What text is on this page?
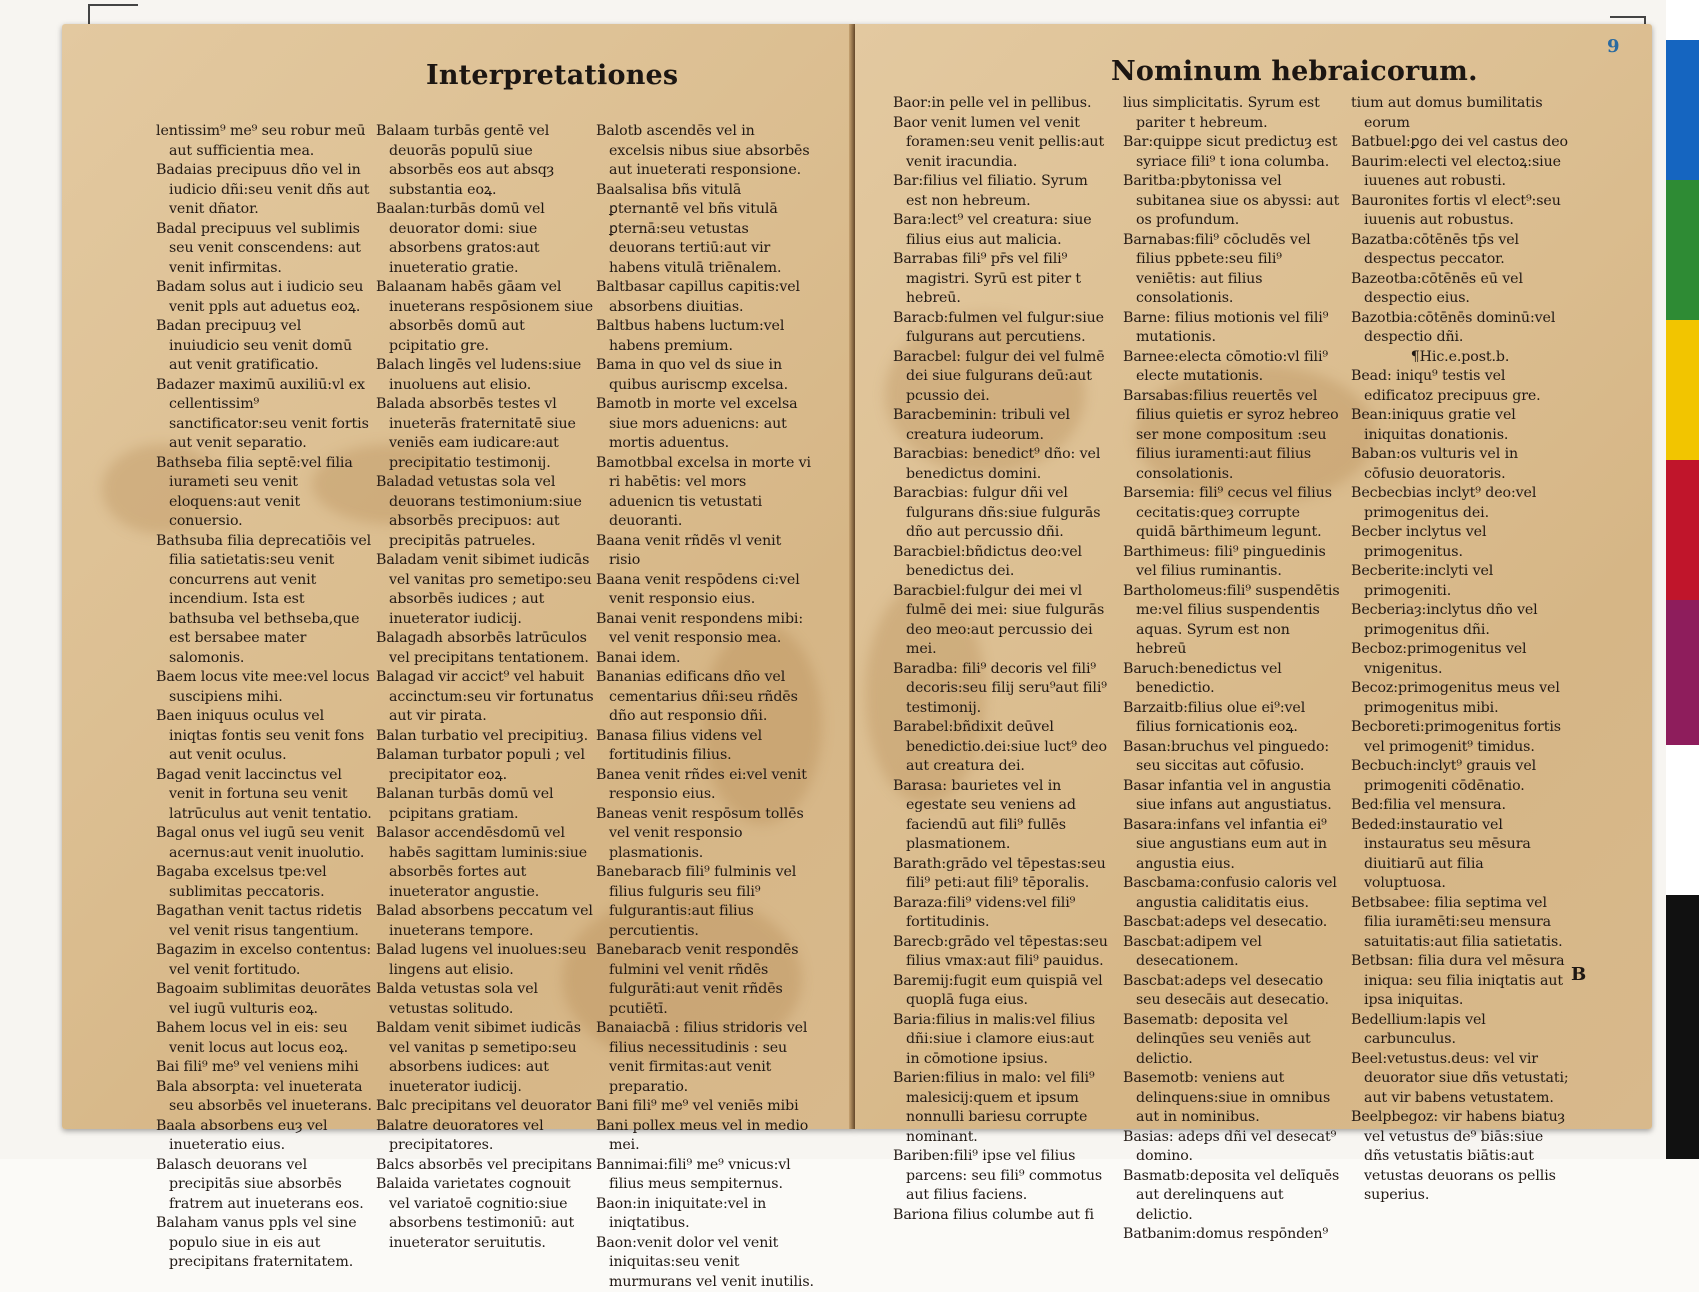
Interpretationes

lentissim⁹ me⁹ seu robur meū aut sufficientia mea.

Badaias precipuus dño vel in iudicio dñi:seu venit dñs aut venit dñator.

Badal precipuus vel sublimis seu venit conscendens: aut venit infirmitas.

Badam solus aut i iudicio seu venit ppls aut aduetus eoꝝ.

Badan precipuuȝ vel inuiudicio seu venit domū aut venit gratificatio.

Badazer maximū auxiliū:vl ex cellentissim⁹ sanctificator:seu venit fortis aut venit separatio.

Bathseba filia septē:vel filia iurameti seu venit eloquens:aut venit conuersio.

Bathsuba filia deprecatiōis vel filia satietatis:seu venit concurrens aut venit incendium. Ista est bathsuba vel bethseba,que est bersabee mater salomonis.

Baem locus vite mee:vel locus suscipiens mihi.

Baen iniquus oculus vel iniqtas fontis seu venit fons aut venit oculus.

Bagad venit laccinctus vel venit in fortuna seu venit latrūculus aut venit tentatio.

Bagal onus vel iugū seu venit acernus:aut venit inuolutio.

Bagaba excelsus tpe:vel sublimitas peccatoris.

Bagathan venit tactus ridetis vel venit risus tangentium.

Bagazim in excelso contentus: vel venit fortitudo.

Bagoaim sublimitas deuorātes vel iugū vulturis eoꝝ.

Bahem locus vel in eis: seu venit locus aut locus eoꝝ.

Bai fili⁹ me⁹ vel veniens mihi

Bala absorpta: vel inueterata seu absorbēs vel inueterans.

Baala absorbens euȝ vel inueteratio eius.

Balasch deuorans vel precipitās siue absorbēs fratrem aut inueterans eos.

Balaham vanus ppls vel sine populo siue in eis aut precipitans fraternitatem.

Balaam turbās gentē vel deuorās populū siue absorbēs eos aut absqȝ substantia eoꝝ.

Baalan:turbās domū vel deuorator domi: siue absorbens gratos:aut inueteratio gratie.

Balaanam habēs gāam vel inueterans respōsionem siue absorbēs domū aut pcipitatio gre.

Balach lingēs vel ludens:siue inuoluens aut elisio.

Balada absorbēs testes vl inueterās fraternitatē siue veniēs eam iudicare:aut precipitatio testimonij.

Baladad vetustas sola vel deuorans testimonium:siue absorbēs precipuos: aut precipitās patrueles.

Baladam venit sibimet iudicās vel vanitas pro semetipo:seu absorbēs iudices ; aut inueterator iudicij.

Balagadh absorbēs latrūculos vel precipitans tentationem.

Balagad vir accict⁹ vel habuit accinctum:seu vir fortunatus aut vir pirata.

Balan turbatio vel precipitiuȝ.

Balaman turbator populi ; vel precipitator eoꝝ.

Balanan turbās domū vel pcipitans gratiam.

Balasor accendēsdomū vel habēs sagittam luminis:siue absorbēs fortes aut inueterator angustie.

Balad absorbens peccatum vel inueterans tempore.

Balad lugens vel inuolues:seu lingens aut elisio.

Balda vetustas sola vel vetustas solitudo.

Baldam venit sibimet iudicās vel vanitas p semetipo:seu absorbens iudices: aut inueterator iudicij.

Balc precipitans vel deuorator

Balatre deuoratores vel precipitatores.

Balcs absorbēs vel precipitans

Balaida varietates cognouit vel variatoē cognitio:siue absorbens testimoniū: aut inueterator seruitutis.

Balotb ascendēs vel in excelsis nibus siue absorbēs aut inueterati responsione.

Baalsalisa bñs vitulā ꝑternantē vel bñs vitulā ꝑternā:seu vetustas deuorans tertiū:aut vir habens vitulā triēnalem.

Baltbasar capillus capitis:vel absorbens diuitias.

Baltbus habens luctum:vel habens premium.

Bama in quo vel ds siue in quibus auriscmp excelsa.

Bamotb in morte vel excelsa siue mors aduenicns: aut mortis aduentus.

Bamotbbal excelsa in morte vi ri habētis: vel mors aduenicn tis vetustati deuoranti.

Baana venit rñdēs vl venit risio

Baana venit respōdens ci:vel venit responsio eius.

Banai venit respondens mibi: vel venit responsio mea.

Banai idem.

Bananias edificans dño vel cementarius dñi:seu rñdēs dño aut responsio dñi.

Banasa filius videns vel fortitudinis filius.

Banea venit rñdes ei:vel venit responsio eius.

Baneas venit respōsum tollēs vel venit responsio plasmationis.

Banebaracb fili⁹ fulminis vel filius fulguris seu fili⁹ fulgurantis:aut filius percutientis.

Banebaracb venit respondēs fulmini vel venit rñdēs fulgurāti:aut venit rñdēs pcutiētī.

Banaiacbā : filius stridoris vel filius necessitudinis : seu venit firmitas:aut venit preparatio.

Bani fili⁹ me⁹ vel veniēs mibi

Bani pollex meus vel in medio mei.

Bannimai:fili⁹ me⁹ vnicus:vl filius meus sempiternus.

Baon:in iniquitate:vel in iniqtatibus.

Baon:venit dolor vel venit iniquitas:seu venit murmurans vel venit inutilis.

Nominum hebraicorum.
9

Baor:in pelle vel in pellibus.

Baor venit lumen vel venit foramen:seu venit pellis:aut venit iracundia.

Bar:filius vel filiatio. Syrum est non hebreum.

Bara:lect⁹ vel creatura: siue filius eius aut malicia.

Barrabas fili⁹ pr̄s vel fili⁹ magistri. Syrū est piter t hebreū.

Baracb:fulmen vel fulgur:siue fulgurans aut percutiens.

Baracbel: fulgur dei vel fulmē dei siue fulgurans deū:aut pcussio dei.

Baracbeminin: tribuli vel creatura iudeorum.

Baracbias: benedict⁹ dño: vel benedictus domini.

Baracbias: fulgur dñi vel fulgurans dñs:siue fulgurās dño aut percussio dñi.

Baracbiel:bñdictus deo:vel benedictus dei.

Baracbiel:fulgur dei mei vl fulmē dei mei: siue fulgurās deo meo:aut percussio dei mei.

Baradba: fili⁹ decoris vel fili⁹ decoris:seu filij seru⁹aut fili⁹ testimonij.

Barabel:bñdixit deūvel benedictio.dei:siue luct⁹ deo aut creatura dei.

Barasa: baurietes vel in egestate seu veniens ad faciendū aut fili⁹ fullēs plasmationem.

Barath:grādo vel tēpestas:seu fili⁹ peti:aut fili⁹ tēporalis.

Baraza:fili⁹ videns:vel fili⁹ fortitudinis.

Barecb:grādo vel tēpestas:seu filius vmax:aut fili⁹ pauidus.

Baremij:fugit eum quispiā vel quoplā fuga eius.

Baria:filius in malis:vel filius dñi:siue i clamore eius:aut in cōmotione ipsius.

Barien:filius in malo: vel fili⁹ malesicij:quem et ipsum nonnulli bariesu corrupte nominant.

Bariben:fili⁹ ipse vel filius parcens: seu fili⁹ commotus aut filius faciens.

Bariona filius columbe aut fi

lius simplicitatis. Syrum est pariter t hebreum.

Bar:quippe sicut predictuȝ est syriace fili⁹ t iona columba.

Baritba:pbytonissa vel subitanea siue os abyssi: aut os profundum.

Barnabas:fili⁹ cōcludēs vel filius ppbete:seu fili⁹ veniētis: aut filius consolationis.

Barne: filius motionis vel fili⁹ mutationis.

Barnee:electa cōmotio:vl fili⁹ electe mutationis.

Barsabas:filius reuertēs vel filius quietis er syroz hebreo ser mone compositum :seu filius iuramenti:aut filius consolationis.

Barsemia: fili⁹ cecus vel filius cecitatis:queȝ corrupte quidā bārthimeum legunt.

Barthimeus: fili⁹ pinguedinis vel filius ruminantis.

Bartholomeus:fili⁹ suspendētis me:vel filius suspendentis aquas. Syrum est non hebreū

Baruch:benedictus vel benedictio.

Barzaitb:filius olue ei⁹:vel filius fornicationis eoꝝ.

Basan:bruchus vel pinguedo: seu siccitas aut cōfusio.

Basar infantia vel in angustia siue infans aut angustiatus.

Basara:infans vel infantia ei⁹ siue angustians eum aut in angustia eius.

Bascbama:confusio caloris vel angustia caliditatis eius.

Bascbat:adeps vel desecatio.

Bascbat:adipem vel desecationem.

Bascbat:adeps vel desecatio seu desecāis aut desecatio.

Basematb: deposita vel delinqūes seu veniēs aut delictio.

Basemotb: veniens aut delinquens:siue in omnibus aut in nominibus.

Basias: adeps dñi vel desecat⁹ domino.

Basmatb:deposita vel delīquēs aut derelinquens aut delictio.

Batbanim:domus respōnden⁹

tium aut domus bumilitatis eorum

Batbuel:ꝑgo dei vel castus deo

Baurim:electi vel electoꝝ:siue iuuenes aut robusti.

Bauronites fortis vl elect⁹:seu iuuenis aut robustus.

Bazatba:cōtēnēs tp̄s vel despectus peccator.

Bazeotba:cōtēnēs eū vel despectio eius.

Bazotbia:cōtēnēs dominū:vel despectio dñi.

¶Hic.e.post.b.

Bead: iniqu⁹ testis vel edificatoz precipuus gre.

Bean:iniquus gratie vel iniquitas donationis.

Baban:os vulturis vel in cōfusio deuoratoris.

Becbecbias inclyt⁹ deo:vel primogenitus dei.

Becber inclytus vel primogenitus.

Becberite:inclyti vel primogeniti.

Becberiaȝ:inclytus dño vel primogenitus dñi.

Becboz:primogenitus vel vnigenitus.

Becoz:primogenitus meus vel primogenitus mibi.

Becboreti:primogenitus fortis vel primogenit⁹ timidus.

Becbuch:inclyt⁹ grauis vel primogeniti cōdēnatio.

Bed:filia vel mensura.

Beded:instauratio vel instauratus seu mēsura diuitiarū aut filia voluptuosa.

Betbsabee: filia septima vel filia iuramēti:seu mensura satuitatis:aut filia satietatis.

Betbsan: filia dura vel mēsura iniqua: seu filia iniqtatis aut ipsa iniquitas.

Bedellium:lapis vel carbunculus.

Beel:vetustus.deus: vel vir deuorator siue dñs vetustati; aut vir babens vetustatem.

Beelpbegoz: vir habens biatuȝ vel vetustus de⁹ biās:siue dñs vetustatis biātis:aut vetustas deuorans os pellis superius.

B
